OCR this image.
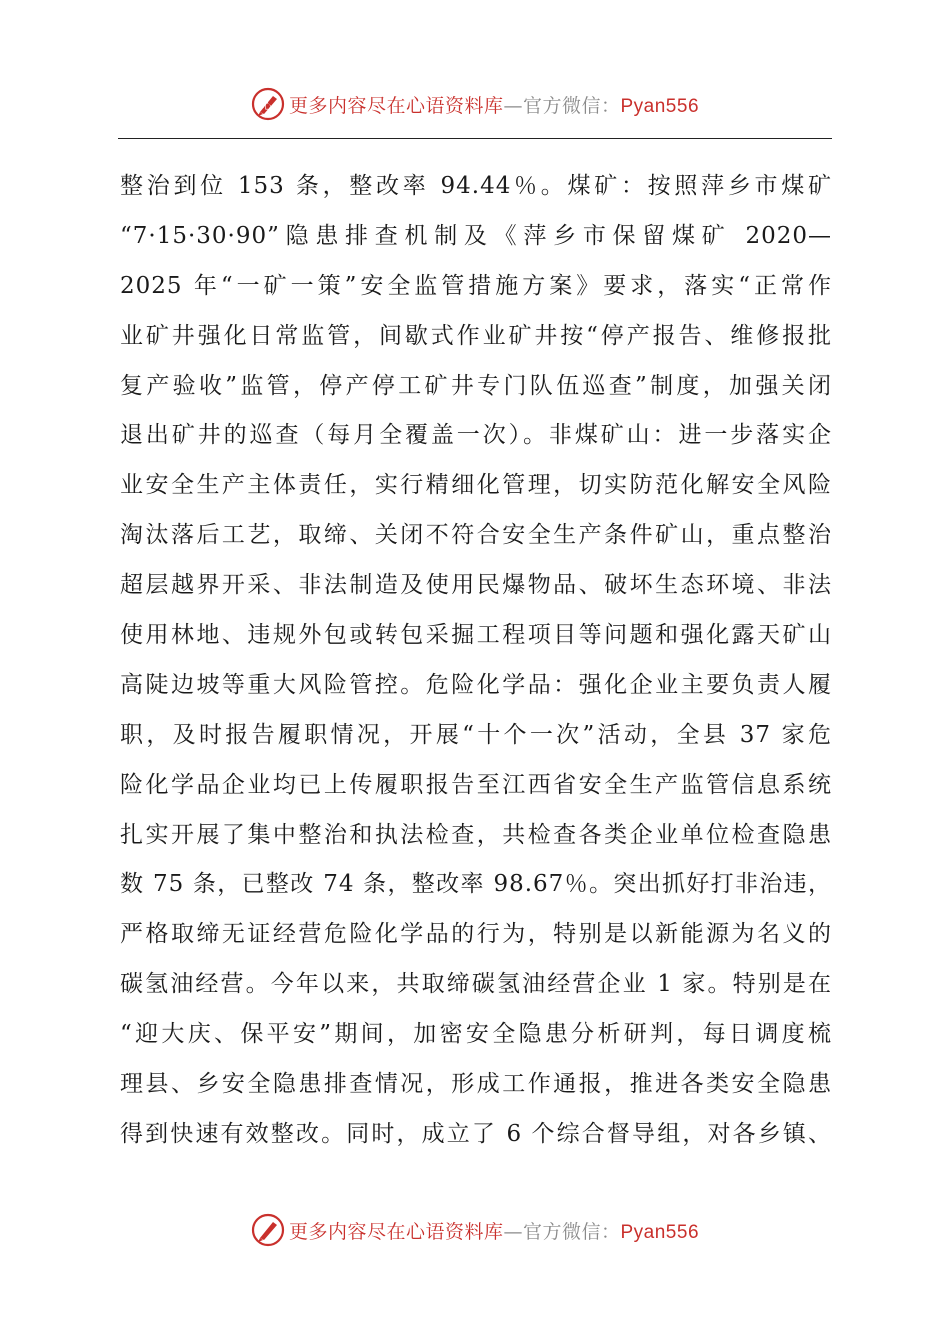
心 更多内容尽在心语资料库—官方微信：Pyan556
整治到位 153 条，整改率 94.44％。煤矿：按照萍乡市煤矿
“7·15·30·90”隐患排查机制及《萍乡市保留煤矿 2020—
2025 年“一矿一策”安全监管措施方案》要求，落实“正常作
业矿井强化日常监管，间歇式作业矿井按“停产报告、维修报批
复产验收”监管，停产停工矿井专门队伍巡查”制度，加强关闭
退出矿井的巡查（每月全覆盖一次）。非煤矿山：进一步落实企
业安全生产主体责任，实行精细化管理，切实防范化解安全风险
淘汰落后工艺，取缔、关闭不符合安全生产条件矿山，重点整治
超层越界开采、非法制造及使用民爆物品、破坏生态环境、非法
使用林地、违规外包或转包采掘工程项目等问题和强化露天矿山
高陡边坡等重大风险管控。危险化学品：强化企业主要负责人履
职，及时报告履职情况，开展“十个一次”活动，全县 37 家危
险化学品企业均已上传履职报告至江西省安全生产监管信息系统
扎实开展了集中整治和执法检查，共检查各类企业单位检查隐患
数 75 条，已整改 74 条，整改率 98.67％。突出抓好打非治违，
严格取缔无证经营危险化学品的行为，特别是以新能源为名义的
碳氢油经营。今年以来，共取缔碳氢油经营企业 1 家。特别是在
“迎大庆、保平安”期间，加密安全隐患分析研判，每日调度梳
理县、乡安全隐患排查情况，形成工作通报，推进各类安全隐患
得到快速有效整改。同时，成立了 6 个综合督导组，对各乡镇、
更多内容尽在心语资料库—官方微信：Pyan556
